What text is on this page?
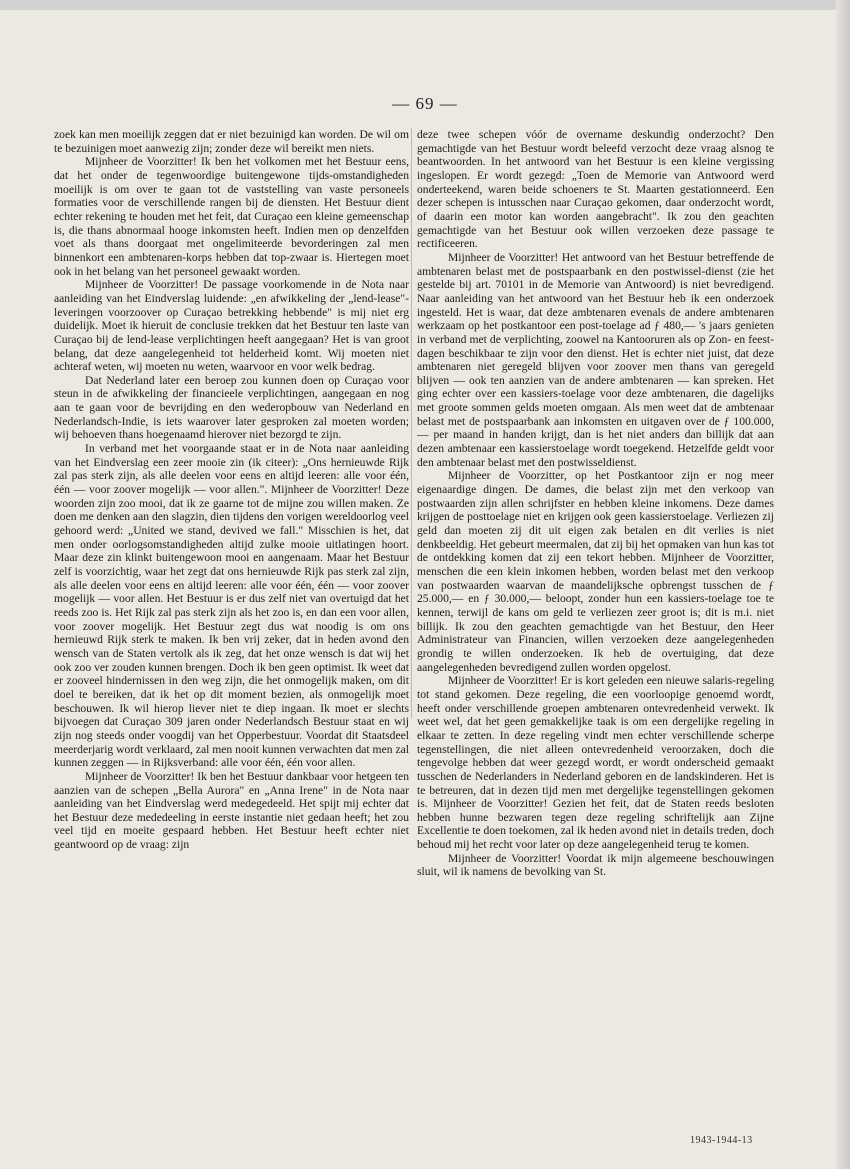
— 69 —

zoek kan men moeilijk zeggen dat er niet bezuinigd kan worden. De wil om te bezuinigen moet aanwezig zijn; zonder deze wil bereikt men niets.

Mijnheer de Voorzitter! Ik ben het volkomen met het Bestuur eens, dat het onder de tegenwoordige buitengewone tijds-omstandigheden moeilijk is om over te gaan tot de vaststelling van vaste personeels formaties voor de verschillende rangen bij de diensten. Het Bestuur dient echter rekening te houden met het feit, dat Curaçao een kleine gemeenschap is, die thans abnormaal hooge inkomsten heeft. Indien men op denzelfden voet als thans doorgaat met ongelimiteerde bevorderingen zal men binnenkort een ambtenaren-korps hebben dat top-zwaar is. Hiertegen moet ook in het belang van het personeel gewaakt worden.

Mijnheer de Voorzitter! De passage voorkomende in de Nota naar aanleiding van het Eindverslag luidende: „en afwikkeling der „lend-lease"-leveringen voorzoover op Curaçao betrekking hebbende" is mij niet erg duidelijk. Moet ik hieruit de conclusie trekken dat het Bestuur ten laste van Curaçao bij de lend-lease verplichtingen heeft aangegaan? Het is van groot belang, dat deze aangelegenheid tot helderheid komt. Wij moeten niet achteraf weten, wij moeten nu weten, waarvoor en voor welk bedrag.

Dat Nederland later een beroep zou kunnen doen op Curaçao voor steun in de afwikkeling der financieele verplichtingen, aangegaan en nog aan te gaan voor de bevrijding en den wederopbouw van Nederland en Nederlandsch-Indie, is iets waarover later gesproken zal moeten worden; wij behoeven thans hoegenaamd hierover niet bezorgd te zijn.

In verband met het voorgaande staat er in de Nota naar aanleiding van het Eindverslag een zeer mooie zin (ik citeer): „Ons hernieuwde Rijk zal pas sterk zijn, als alle deelen voor eens en altijd leeren: alle voor één, één — voor zoover mogelijk — voor allen.". Mijnheer de Voorzitter! Deze woorden zijn zoo mooi, dat ik ze gaarne tot de mijne zou willen maken. Ze doen me denken aan den slagzin, dien tijdens den vorigen wereldoorlog veel gehoord werd: „United we stand, devived we fall." Misschien is het, dat men onder oorlogsomstandigheden altijd zulke mooie uitlatingen hoort. Maar deze zin klinkt buitengewoon mooi en aangenaam. Maar het Bestuur zelf is voorzichtig, waar het zegt dat ons hernieuwde Rijk pas sterk zal zijn, als alle deelen voor eens en altijd leeren: alle voor één, één — voor zoover mogelijk — voor allen. Het Bestuur is er dus zelf niet van overtuigd dat het reeds zoo is. Het Rijk zal pas sterk zijn als het zoo is, en dan een voor allen, voor zoover mogelijk. Het Bestuur zegt dus wat noodig is om ons hernieuwd Rijk sterk te maken. Ik ben vrij zeker, dat in heden avond den wensch van de Staten vertolk als ik zeg, dat het onze wensch is dat wij het ook zoo ver zouden kunnen brengen. Doch ik ben geen optimist. Ik weet dat er zooveel hindernissen in den weg zijn, die het onmogelijk maken, om dit doel te bereiken, dat ik het op dit moment bezien, als onmogelijk moet beschouwen. Ik wil hierop liever niet te diep ingaan. Ik moet er slechts bijvoegen dat Curaçao 309 jaren onder Nederlandsch Bestuur staat en wij zijn nog steeds onder voogdij van het Opperbestuur. Voordat dit Staatsdeel meerderjarig wordt verklaard, zal men nooit kunnen verwachten dat men zal kunnen zeggen — in Rijksverband: alle voor één, één voor allen.

Mijnheer de Voorzitter! Ik ben het Bestuur dankbaar voor hetgeen ten aanzien van de schepen „Bella Aurora" en „Anna Irene" in de Nota naar aanleiding van het Eindverslag werd medegedeeld. Het spijt mij echter dat het Bestuur deze mededeeling in eerste instantie niet gedaan heeft; het zou veel tijd en moeite gespaard hebben. Het Bestuur heeft echter niet geantwoord op de vraag: zijn

deze twee schepen vóór de overname deskundig onderzocht? Den gemachtigde van het Bestuur wordt beleefd verzocht deze vraag alsnog te beantwoorden. In het antwoord van het Bestuur is een kleine vergissing ingeslopen. Er wordt gezegd: „Toen de Memorie van Antwoord werd onderteekend, waren beide schoeners te St. Maarten gestationneerd. Een dezer schepen is intusschen naar Curaçao gekomen, daar onderzocht wordt, of daarin een motor kan worden aangebracht". Ik zou den geachten gemachtigde van het Bestuur ook willen verzoeken deze passage te rectificeeren.

Mijnheer de Voorzitter! Het antwoord van het Bestuur betreffende de ambtenaren belast met de postspaarbank en den postwissel-dienst (zie het gestelde bij art. 70101 in de Memorie van Antwoord) is niet bevredigend. Naar aanleiding van het antwoord van het Bestuur heb ik een onderzoek ingesteld. Het is waar, dat deze ambtenaren evenals de andere ambtenaren werkzaam op het postkantoor een post-toelage ad ƒ 480,— 's jaars genieten in verband met de verplichting, zoowel na Kantooruren als op Zon- en feest-dagen beschikbaar te zijn voor den dienst. Het is echter niet juist, dat deze ambtenaren niet geregeld blijven voor zoover men thans van geregeld blijven — ook ten aanzien van de andere ambtenaren — kan spreken. Het ging echter over een kassiers-toelage voor deze ambtenaren, die dagelijks met groote sommen gelds moeten omgaan. Als men weet dat de ambtenaar belast met de postspaarbank aan inkomsten en uitgaven over de ƒ 100.000,— per maand in handen krijgt, dan is het niet anders dan billijk dat aan dezen ambtenaar een kassierstoelage wordt toegekend. Hetzelfde geldt voor den ambtenaar belast met den postwisseldienst.

Mijnheer de Voorzitter, op het Postkantoor zijn er nog meer eigenaardige dingen. De dames, die belast zijn met den verkoop van postwaarden zijn allen schrijfster en hebben kleine inkomens. Deze dames krijgen de posttoelage niet en krijgen ook geen kassierstoelage. Verliezen zij geld dan moeten zij dit uit eigen zak betalen en dit verlies is niet denkbeeldig. Het gebeurt meermalen, dat zij bij het opmaken van hun kas tot de ontdekking komen dat zij een tekort hebben. Mijnheer de Voorzitter, menschen die een klein inkomen hebben, worden belast met den verkoop van postwaarden waarvan de maandelijksche opbrengst tusschen de ƒ 25.000,— en ƒ 30.000,— beloopt, zonder hun een kassiers-toelage toe te kennen, terwijl de kans om geld te verliezen zeer groot is; dit is m.i. niet billijk. Ik zou den geachten gemachtigde van het Bestuur, den Heer Administrateur van Financien, willen verzoeken deze aangelegenheden grondig te willen onderzoeken. Ik heb de overtuiging, dat deze aangelegenheden bevredigend zullen worden opgelost.

Mijnheer de Voorzitter! Er is kort geleden een nieuwe salaris-regeling tot stand gekomen. Deze regeling, die een voorloopige genoemd wordt, heeft onder verschillende groepen ambtenaren ontevredenheid verwekt. Ik weet wel, dat het geen gemakkelijke taak is om een dergelijke regeling in elkaar te zetten. In deze regeling vindt men echter verschillende scherpe tegenstellingen, die niet alleen ontevredenheid veroorzaken, doch die tengevolge hebben dat weer gezegd wordt, er wordt onderscheid gemaakt tusschen de Nederlanders in Nederland geboren en de landskinderen. Het is te betreuren, dat in dezen tijd men met dergelijke tegenstellingen gekomen is. Mijnheer de Voorzitter! Gezien het feit, dat de Staten reeds besloten hebben hunne bezwaren tegen deze regeling schriftelijk aan Zijne Excellentie te doen toekomen, zal ik heden avond niet in details treden, doch behoud mij het recht voor later op deze aangelegenheid terug te komen.

Mijnheer de Voorzitter! Voordat ik mijn algemeene beschouwingen sluit, wil ik namens de bevolking van St.

1943-1944-13
